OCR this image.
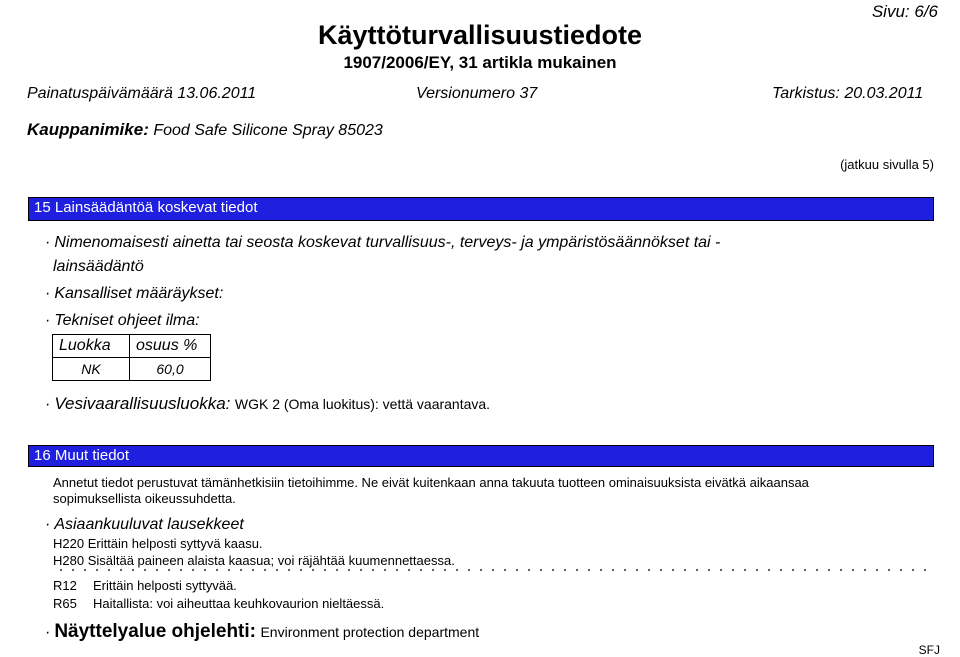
Sivu: 6/6
Käyttöturvallisuustiedote
1907/2006/EY, 31 artikla mukainen
Painatuspäivämäärä 13.06.2011	Versionumero 37	Tarkistus: 20.03.2011
Kauppanimike: Food Safe Silicone Spray 85023
(jatkuu sivulla 5)
15 Lainsäädäntöä koskevat tiedot
· Nimenomaisesti ainetta tai seosta koskevat turvallisuus-, terveys- ja ympäristösäännökset tai -
lainsäädäntö
· Kansalliset määräykset:
· Tekniset ohjeet ilma:
Luokka	osuus %
NK	60,0
· Vesivaarallisuusluokka: WGK 2 (Oma luokitus): vettä vaarantava.
16 Muut tiedot
Annetut tiedot perustuvat tämänhetkisiin tietoihimme. Ne eivät kuitenkaan anna takuuta tuotteen ominaisuuksista eivätkä aikaansaa
sopimuksellista oikeussuhdetta.
· Asiaankuuluvat lausekkeet
H220 Erittäin helposti syttyvä kaasu.
H280 Sisältää paineen alaista kaasua; voi räjähtää kuumennettaessa.
R12 Erittäin helposti syttyvää.
R65 Haitallista: voi aiheuttaa keuhkovaurion nieltäessä.
· Näyttelyalue ohjelehti: Environment protection department
SFJ
